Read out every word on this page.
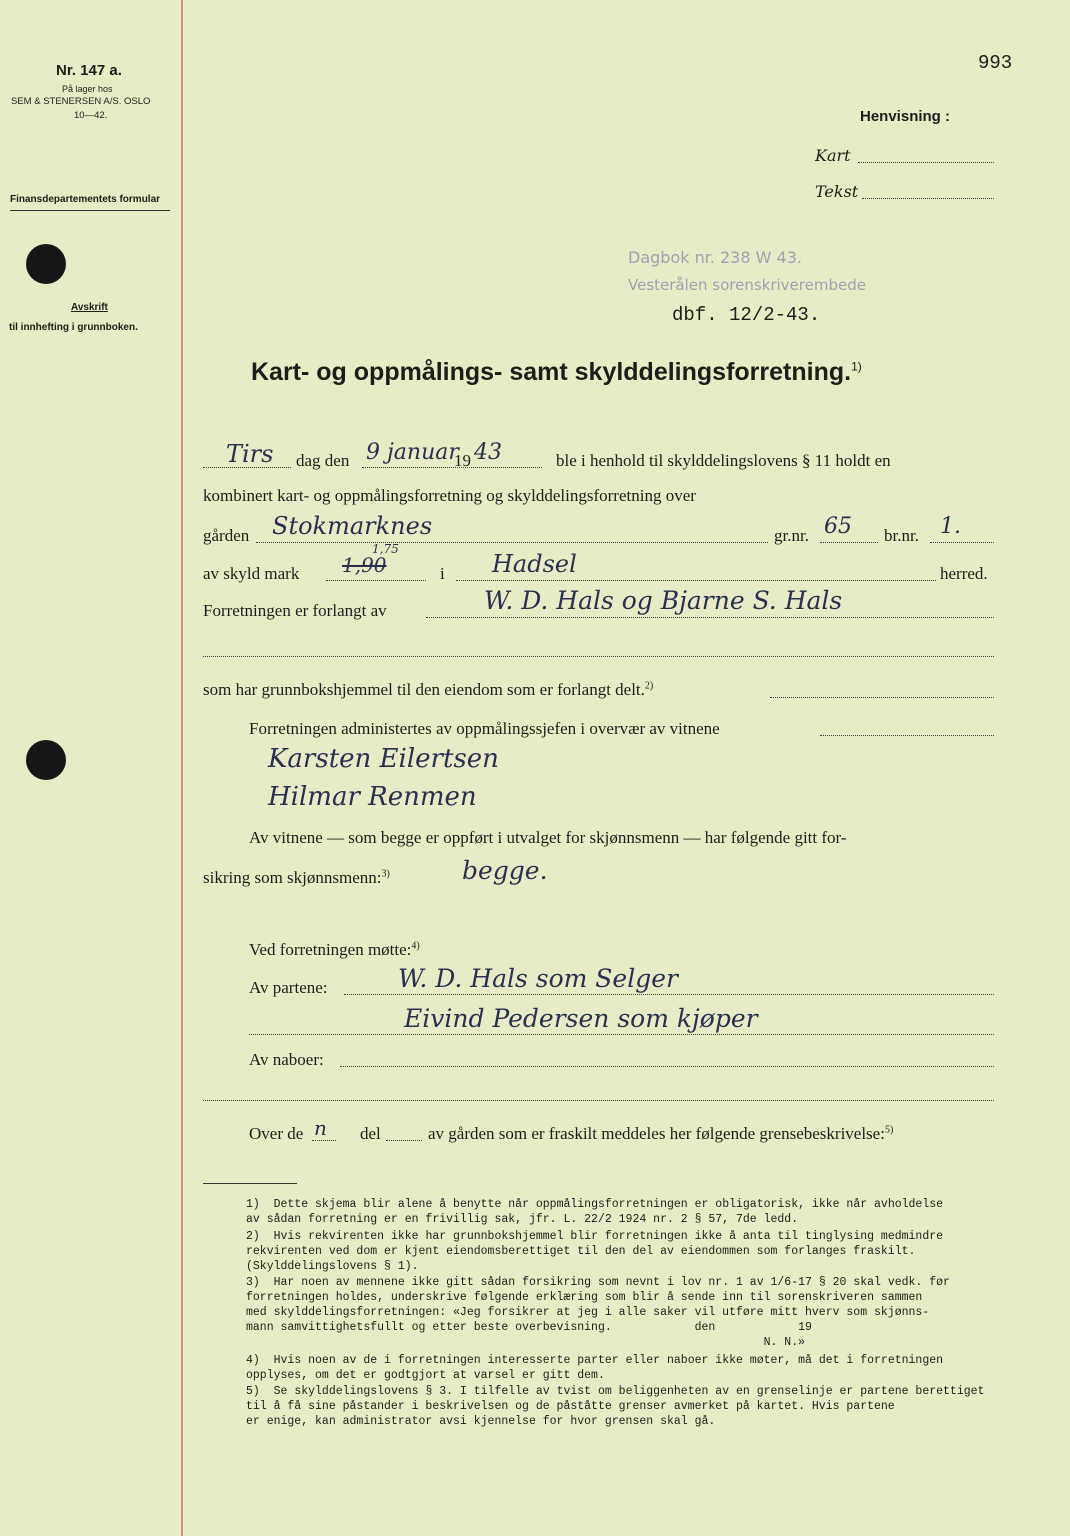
Nr. 147 a.
På lager hos
SEM & STENERSEN A/S. OSLO
10—42.
Finansdepartementets formular
Avskrift
til innhefting i grunnboken.
993
Henvisning :
Kart
Tekst
Dagbok nr. 238 W 43.
Vesterålen sorenskriverembede
dbf. 12/2-43.
Kart- og oppmålings- samt skylddelingsforretning.$^{1)}$
Tirs dag den 9 januar
19 43	ble i henhold til skylddelingslovens § 11 holdt en
kombinert kart- og oppmålingsforretning og skylddelingsforretning over
gården Stokmarknes	gr.nr. 65 br.nr. 1.
av skyld mark 1,90
1,75
i Hadsel	herred.
Forretningen er forlangt av	W. D. Hals og Bjarne S. Hals
som har grunnbokshjemmel til den eiendom som er forlangt delt.$^{2)}$
Forretningen administertes av oppmålingssjefen i overvær av vitnene
Karsten Eilertsen
Hilmar Renmen
Av vitnene — som begge er oppført i utvalget for skjønnsmenn — har følgende gitt for-
sikring som skjønnsmenn:$^{3)}$	begge.
Ved forretningen møtte:$^{4)}$
Av partene:	W. D. Hals som Selger
Eivind Pedersen som kjøper
Av naboer:
Over de n del	av gården som er fraskilt meddeles her følgende grensebeskrivelse:$^{5)}$
1) Dette skjema blir alene å benytte når oppmålingsforretningen er obligatorisk, ikke når avholdelse
av sådan forretning er en frivillig sak, jfr. L. 22/2 1924 nr. 2 § 57, 7de ledd.
2) Hvis rekvirenten ikke har grunnbokshjemmel blir forretningen ikke å anta til tinglysing medmindre
rekvirenten ved dom er kjent eiendomsberettiget til den del av eiendommen som forlanges fraskilt.
(Skylddelingslovens § 1).
3) Har noen av mennene ikke gitt sådan forsikring som nevnt i lov nr. 1 av 1/6-17 § 20 skal vedk. før
forretningen holdes, underskrive følgende erklæring som blir å sende inn til sorenskriveren sammen
med skylddelingsforretningen: «Jeg forsikrer at jeg i alle saker vil utføre mitt hverv som skjønns-
mann samvittighetsfullt og etter beste overbevisning.            den            19
N. N.»
4) Hvis noen av de i forretningen interesserte parter eller naboer ikke møter, må det i forretningen
opplyses, om det er godtgjort at varsel er gitt dem.
5) Se skylddelingslovens § 3. I tilfelle av tvist om beliggenheten av en grenselinje er partene berettiget
til å få sine påstander i beskrivelsen og de påståtte grenser avmerket på kartet. Hvis partene
er enige, kan administrator avsi kjennelse for hvor grensen skal gå.
